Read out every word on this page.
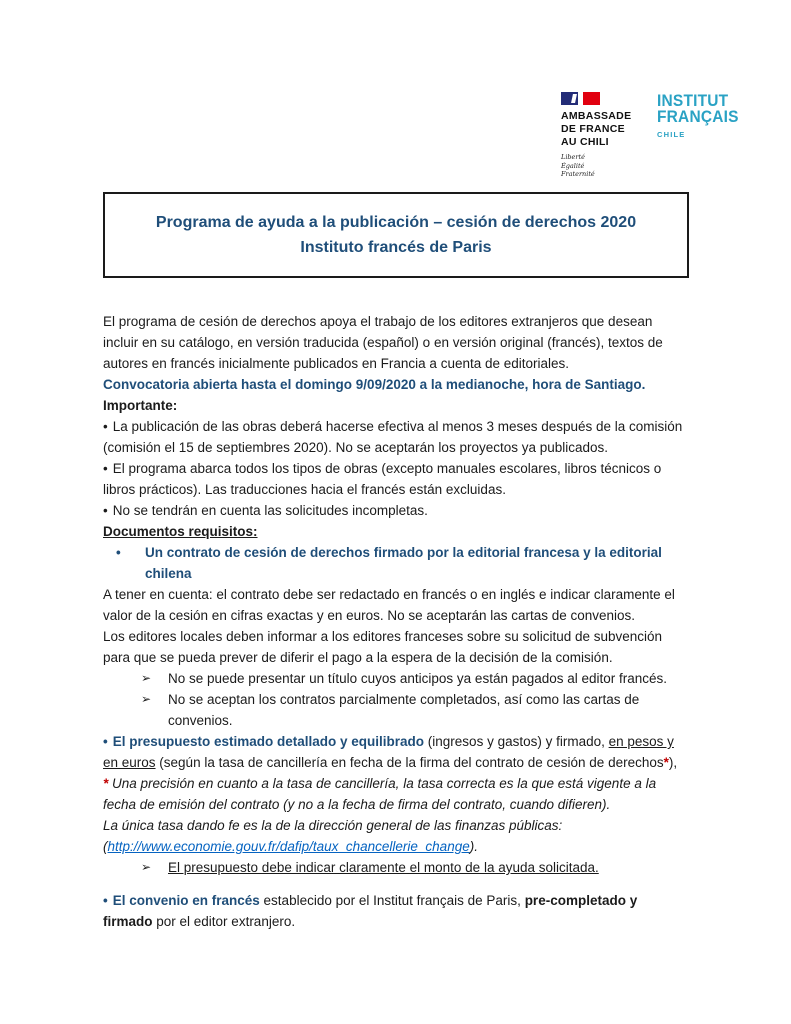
AMBASSADE
DE FRANCE
AU CHILI
Liberté
Égalité
Fraternité
INSTITUT
FRANÇAIS
CHILE
Programa de ayuda a la publicación – cesión de derechos 2020
Instituto francés de Paris

El programa de cesión de derechos apoya el trabajo de los editores extranjeros que desean incluir en su catálogo, en versión traducida (español) o en versión original (francés), textos de autores en francés inicialmente publicados en Francia a cuenta de editoriales.

Convocatoria abierta hasta el domingo 9/09/2020 a la medianoche, hora de Santiago.

Importante:

• La publicación de las obras deberá hacerse efectiva al menos 3 meses después de la comisión (comisión el 15 de septiembres 2020). No se aceptarán los proyectos ya publicados.

• El programa abarca todos los tipos de obras (excepto manuales escolares, libros técnicos o libros prácticos). Las traducciones hacia el francés están excluidas.

• No se tendrán en cuenta las solicitudes incompletas.

Documentos requisitos:

•	Un contrato de cesión de derechos firmado por la editorial francesa y la editorial chilena

A tener en cuenta: el contrato debe ser redactado en francés o en inglés e indicar claramente el valor de la cesión en cifras exactas y en euros. No se aceptarán las cartas de convenios.

Los editores locales deben informar a los editores franceses sobre su solicitud de subvención para que se pueda prever de diferir el pago a la espera de la decisión de la comisión.

➢	No se puede presentar un título cuyos anticipos ya están pagados al editor francés.

➢	No se aceptan los contratos parcialmente completados, así como las cartas de convenios.

• El presupuesto estimado detallado y equilibrado (ingresos y gastos) y firmado, en pesos y en euros (según la tasa de cancillería en fecha de la firma del contrato de cesión de derechos*),

* Una precisión en cuanto a la tasa de cancillería, la tasa correcta es la que está vigente a la fecha de emisión del contrato (y no a la fecha de firma del contrato, cuando difieren).

La única tasa dando fe es la de la dirección general de las finanzas públicas:

(http://www.economie.gouv.fr/dafip/taux_chancellerie_change).

➢	El presupuesto debe indicar claramente el monto de la ayuda solicitada.

• El convenio en francés establecido por el Institut français de Paris, pre-completado y firmado por el editor extranjero.
